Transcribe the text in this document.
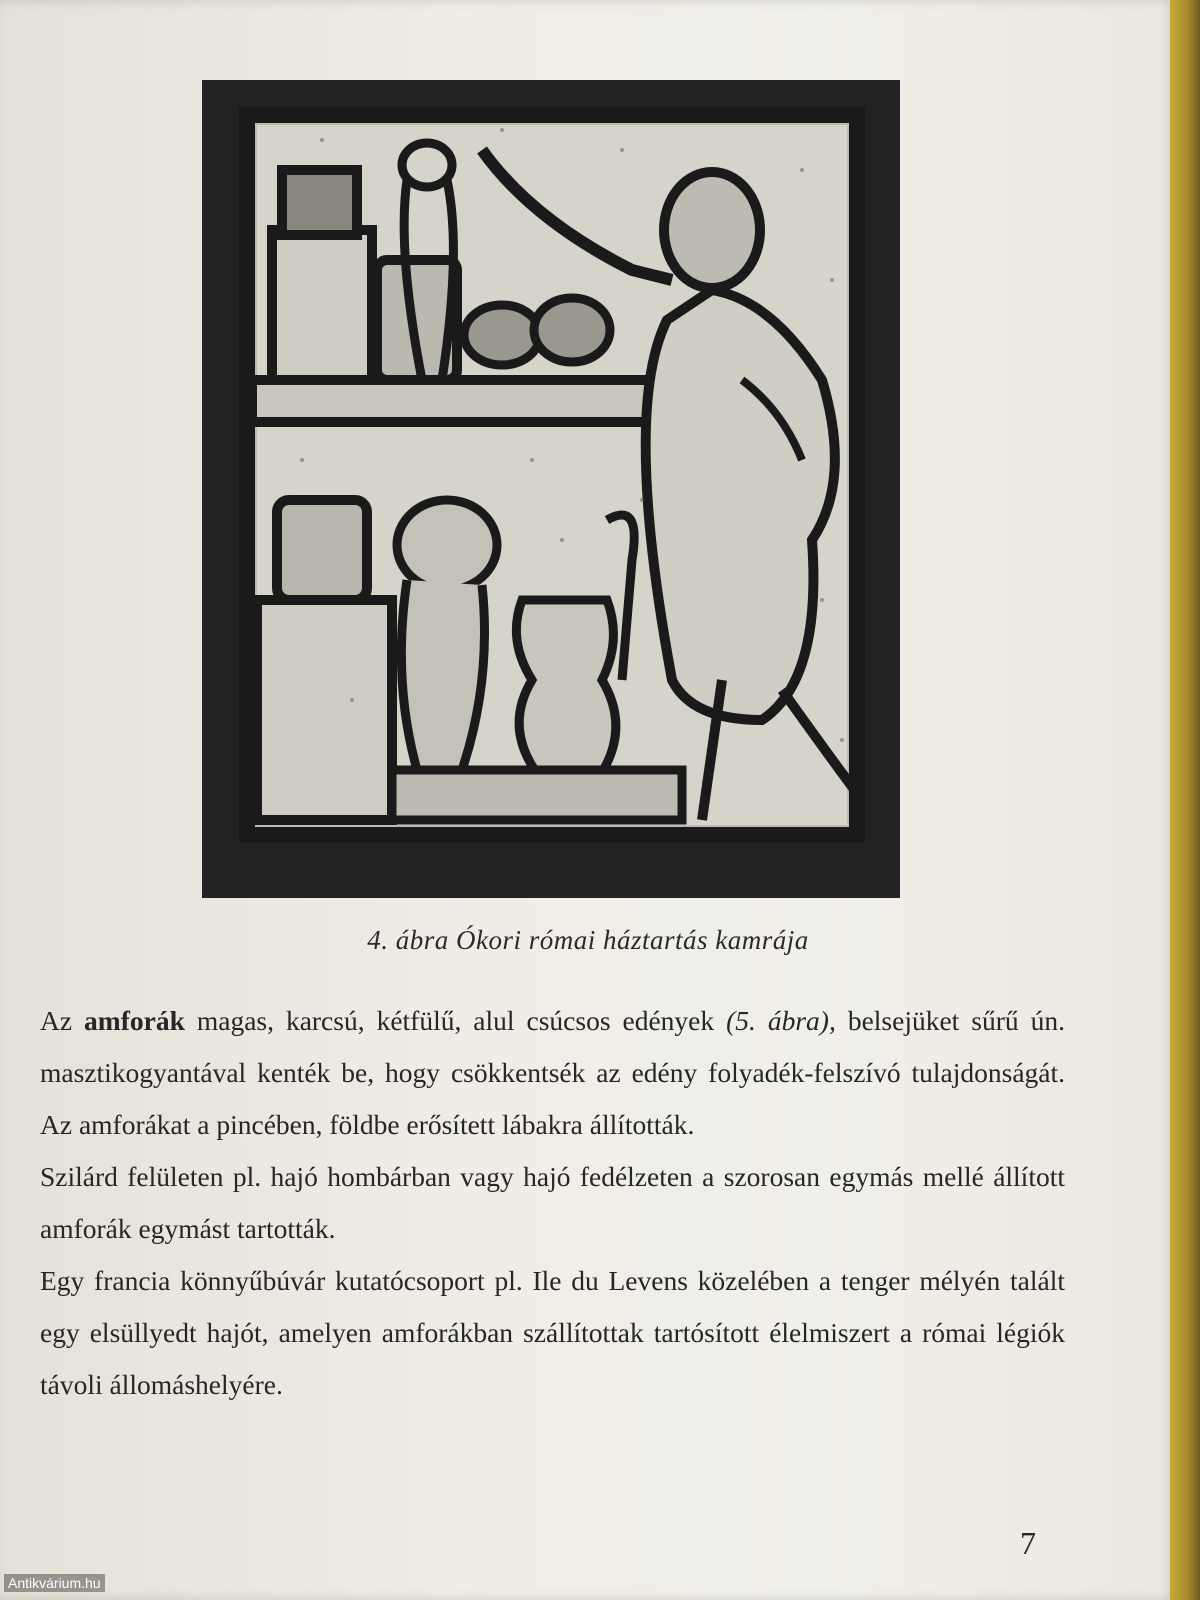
4. ábra Ókori római háztartás kamrája

Az amforák magas, karcsú, kétfülű, alul csúcsos edények (5. ábra), belsejüket sűrű ún. masztikogyantával kenték be, hogy csökkentsék az edény folyadék-felszívó tulajdonságát. Az amforákat a pincében, földbe erősített lábakra állították.

Szilárd felületen pl. hajó hombárban vagy hajó fedélzeten a szorosan egymás mellé állított amforák egymást tartották.

Egy francia könnyűbúvár kutatócsoport pl. Ile du Levens közelében a tenger mélyén talált egy elsüllyedt hajót, amelyen amforákban szállítottak tartósított élelmiszert a római légiók távoli állomáshelyére.

7
Antikvárium.hu
